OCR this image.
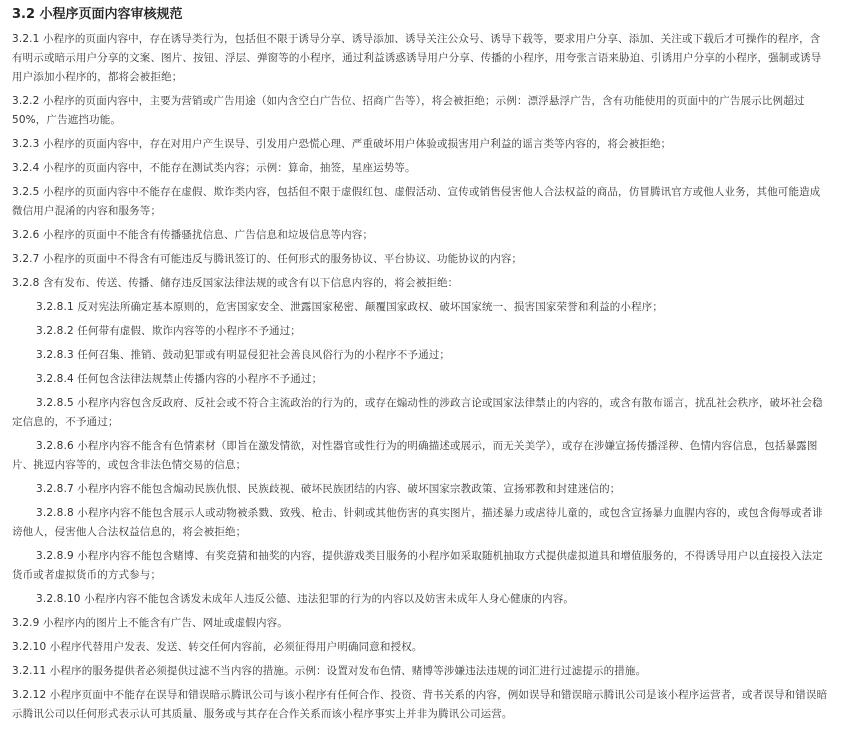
3.2 小程序页面内容审核规范
3.2.1 小程序的页面内容中，存在诱导类行为，包括但不限于诱导分享、诱导添加、诱导关注公众号、诱导下载等，要求用户分享、添加、关注或下载后才可操作的程序，含有明示或暗示用户分享的文案、图片、按钮、浮层、弹窗等的小程序，通过利益诱惑诱导用户分享、传播的小程序，用夸张言语来胁迫、引诱用户分享的小程序，强制或诱导用户添加小程序的，都将会被拒绝；
3.2.2 小程序的页面内容中，主要为营销或广告用途（如内含空白广告位、招商广告等），将会被拒绝；示例：漂浮悬浮广告，含有功能使用的页面中的广告展示比例超过50%，广告遮挡功能。
3.2.3 小程序的页面内容中，存在对用户产生误导、引发用户恐慌心理、严重破坏用户体验或损害用户利益的谣言类等内容的，将会被拒绝；
3.2.4 小程序的页面内容中，不能存在测试类内容；示例：算命，抽签，星座运势等。
3.2.5 小程序的页面内容中不能存在虚假、欺诈类内容，包括但不限于虚假红包、虚假活动、宣传或销售侵害他人合法权益的商品，仿冒腾讯官方或他人业务，其他可能造成微信用户混淆的内容和服务等；
3.2.6 小程序的页面中不能含有传播骚扰信息、广告信息和垃圾信息等内容；
3.2.7 小程序的页面中不得含有可能违反与腾讯签订的、任何形式的服务协议、平台协议、功能协议的内容；
3.2.8 含有发布、传送、传播、储存违反国家法律法规的或含有以下信息内容的，将会被拒绝：
3.2.8.1 反对宪法所确定基本原则的，危害国家安全、泄露国家秘密、颠覆国家政权、破坏国家统一、损害国家荣誉和利益的小程序；
3.2.8.2 任何带有虚假、欺诈内容等的小程序不予通过；
3.2.8.3 任何召集、推销、鼓动犯罪或有明显侵犯社会善良风俗行为的小程序不予通过；
3.2.8.4 任何包含法律法规禁止传播内容的小程序不予通过；
3.2.8.5 小程序内容包含反政府、反社会或不符合主流政治的行为的，或存在煽动性的涉政言论或国家法律禁止的内容的，或含有散布谣言，扰乱社会秩序，破坏社会稳定信息的，不予通过；
3.2.8.6 小程序内容不能含有色情素材（即旨在激发情欲，对性器官或性行为的明确描述或展示，而无关美学），或存在涉嫌宣扬传播淫秽、色情内容信息，包括暴露图片、挑逗内容等的，或包含非法色情交易的信息；
3.2.8.7 小程序内容不能包含煽动民族仇恨、民族歧视、破坏民族团结的内容、破坏国家宗教政策、宣扬邪教和封建迷信的；
3.2.8.8 小程序内容不能包含展示人或动物被杀戮、致残、枪击、针刺或其他伤害的真实图片，描述暴力或虐待儿童的，或包含宣扬暴力血腥内容的，或包含侮辱或者诽谤他人，侵害他人合法权益信息的，将会被拒绝；
3.2.8.9 小程序内容不能包含赌博、有奖竞猜和抽奖的内容，提供游戏类目服务的小程序如采取随机抽取方式提供虚拟道具和增值服务的，不得诱导用户以直接投入法定货币或者虚拟货币的方式参与；
3.2.8.10 小程序内容不能包含诱发未成年人违反公德、违法犯罪的行为的内容以及妨害未成年人身心健康的内容。
3.2.9 小程序内的图片上不能含有广告、网址或虚假内容。
3.2.10 小程序代替用户发表、发送、转交任何内容前，必须征得用户明确同意和授权。
3.2.11 小程序的服务提供者必须提供过滤不当内容的措施。示例：设置对发布色情、赌博等涉嫌违法违规的词汇进行过滤提示的措施。
3.2.12 小程序页面中不能存在误导和错误暗示腾讯公司与该小程序有任何合作、投资、背书关系的内容，例如误导和错误暗示腾讯公司是该小程序运营者，或者误导和错误暗示腾讯公司以任何形式表示认可其质量、服务或与其存在合作关系而该小程序事实上并非为腾讯公司运营。
